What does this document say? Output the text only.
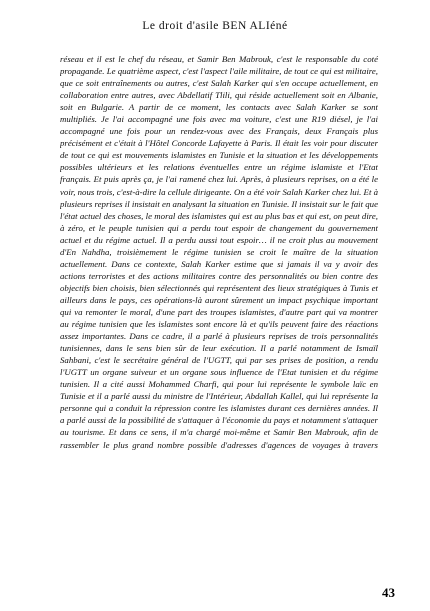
Le droit d'asile BEN ALIéné

réseau et il est le chef du réseau, et Samir Ben Mabrouk, c'est le responsable du coté propagande. Le quatrième aspect, c'est l'aspect l'aile militaire, de tout ce qui est militaire, que ce soit entraînements ou autres, c'est Salah Karker qui s'en occupe actuellement, en collaboration entre autres, avec Abdellatif Tlili, qui réside actuellement soit en Albanie, soit en Bulgarie. A partir de ce moment, les contacts avec Salah Karker se sont multipliés. Je l'ai accompagné une fois avec ma voiture, c'est une R19 diésel, je l'ai accompagné une fois pour un rendez-vous avec des Français, deux Français plus précisément et c'était à l'Hôtel Concorde Lafayette à Paris. Il était les voir pour discuter de tout ce qui est mouvements islamistes en Tunisie et la situation et les développements possibles ultérieurs et les relations éventuelles entre un régime islamiste et l'Etat français. Et puis après ça, je l'ai ramené chez lui. Après, à plusieurs reprises, on a été le voir, nous trois, c'est-à-dire la cellule dirigeante. On a été voir Salah Karker chez lui. Et à plusieurs reprises il insistait en analysant la situation en Tunisie. Il insistait sur le fait que l'état actuel des choses, le moral des islamistes qui est au plus bas et qui est, on peut dire, à zéro, et le peuple tunisien qui a perdu tout espoir de changement du gouvernement actuel et du régime actuel. Il a perdu aussi tout espoir… il ne croit plus au mouvement d'En Nahdha, troisièmement le régime tunisien se croit le maître de la situation actuellement. Dans ce contexte, Salah Karker estime que si jamais il va y avoir des actions terroristes et des actions militaires contre des personnalités ou bien contre des objectifs bien choisis, bien sélectionnés qui représentent des lieux stratégiques à Tunis et ailleurs dans le pays, ces opérations-là auront sûrement un impact psychique important qui va remonter le moral, d'une part des troupes islamistes, d'autre part qui va montrer au régime tunisien que les islamistes sont encore là et qu'ils peuvent faire des réactions assez importantes. Dans ce cadre, il a parlé à plusieurs reprises de trois personnalités tunisiennes, dans le sens bien sûr de leur exécution. Il a parlé notamment de Ismaïl Sahbani, c'est le secrétaire général de l'UGTT, qui par ses prises de position, a rendu l'UGTT un organe suiveur et un organe sous influence de l'Etat tunisien et du régime tunisien. Il a cité aussi Mohammed Charfi, qui pour lui représente le symbole laïc en Tunisie et il a parlé aussi du ministre de l'Intérieur, Abdallah Kallel, qui lui représente la personne qui a conduit la répression contre les islamistes durant ces dernières années. Il a parlé aussi de la possibilité de s'attaquer à l'économie du pays et notamment s'attaquer au tourisme. Et dans ce sens, il m'a chargé moi-même et Samir Ben Mabrouk, afin de rassembler le plus grand nombre possible d'adresses d'agences de voyages à travers

43
